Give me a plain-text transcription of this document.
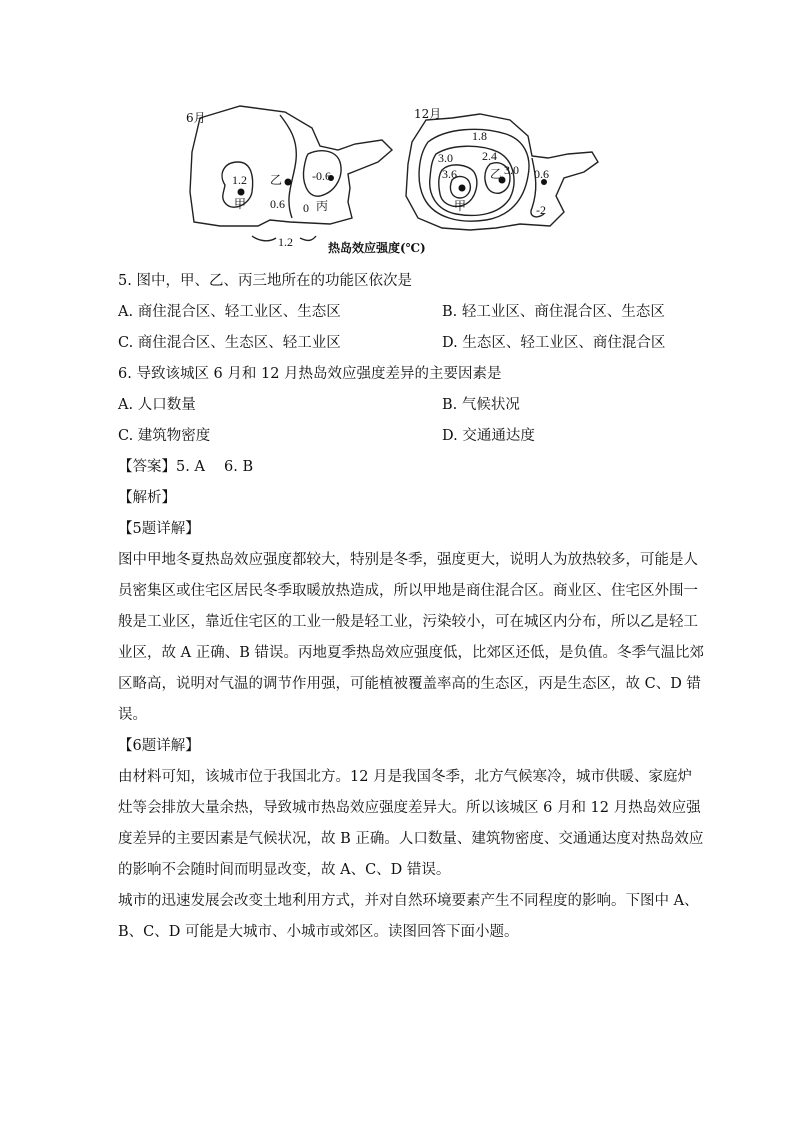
6月
1.2
甲
乙
0.6
-0.6
0 丙
1.2
12月
1.8
3.0 2.4
3.6	乙 3.0 0.6
-2
甲
热岛效应强度(℃)
5. 图中，甲、乙、丙三地所在的功能区依次是
A. 商住混合区、轻工业区、生态区	B. 轻工业区、商住混合区、生态区
C. 商住混合区、生态区、轻工业区	D. 生态区、轻工业区、商住混合区
6. 导致该城区 6 月和 12 月热岛效应强度差异的主要因素是
A. 人口数量	B. 气候状况
C. 建筑物密度	D. 交通通达度
【答案】5. A　 6. B
【解析】
【5题详解】
图中甲地冬夏热岛效应强度都较大，特别是冬季，强度更大，说明人为放热较多，可能是人
员密集区或住宅区居民冬季取暖放热造成，所以甲地是商住混合区。商业区、住宅区外围一
般是工业区，靠近住宅区的工业一般是轻工业，污染较小，可在城区内分布，所以乙是轻工
业区，故 A 正确、B 错误。丙地夏季热岛效应强度低，比郊区还低，是负值。冬季气温比郊
区略高，说明对气温的调节作用强，可能植被覆盖率高的生态区，丙是生态区，故 C、D 错
误。
【6题详解】
由材料可知，该城市位于我国北方。12 月是我国冬季，北方气候寒冷，城市供暖、家庭炉
灶等会排放大量余热，导致城市热岛效应强度差异大。所以该城区 6 月和 12 月热岛效应强
度差异的主要因素是气候状况，故 B 正确。人口数量、建筑物密度、交通通达度对热岛效应
的影响不会随时间而明显改变，故 A、C、D 错误。
城市的迅速发展会改变土地利用方式，并对自然环境要素产生不同程度的影响。下图中 A、
B、C、D 可能是大城市、小城市或郊区。读图回答下面小题。
